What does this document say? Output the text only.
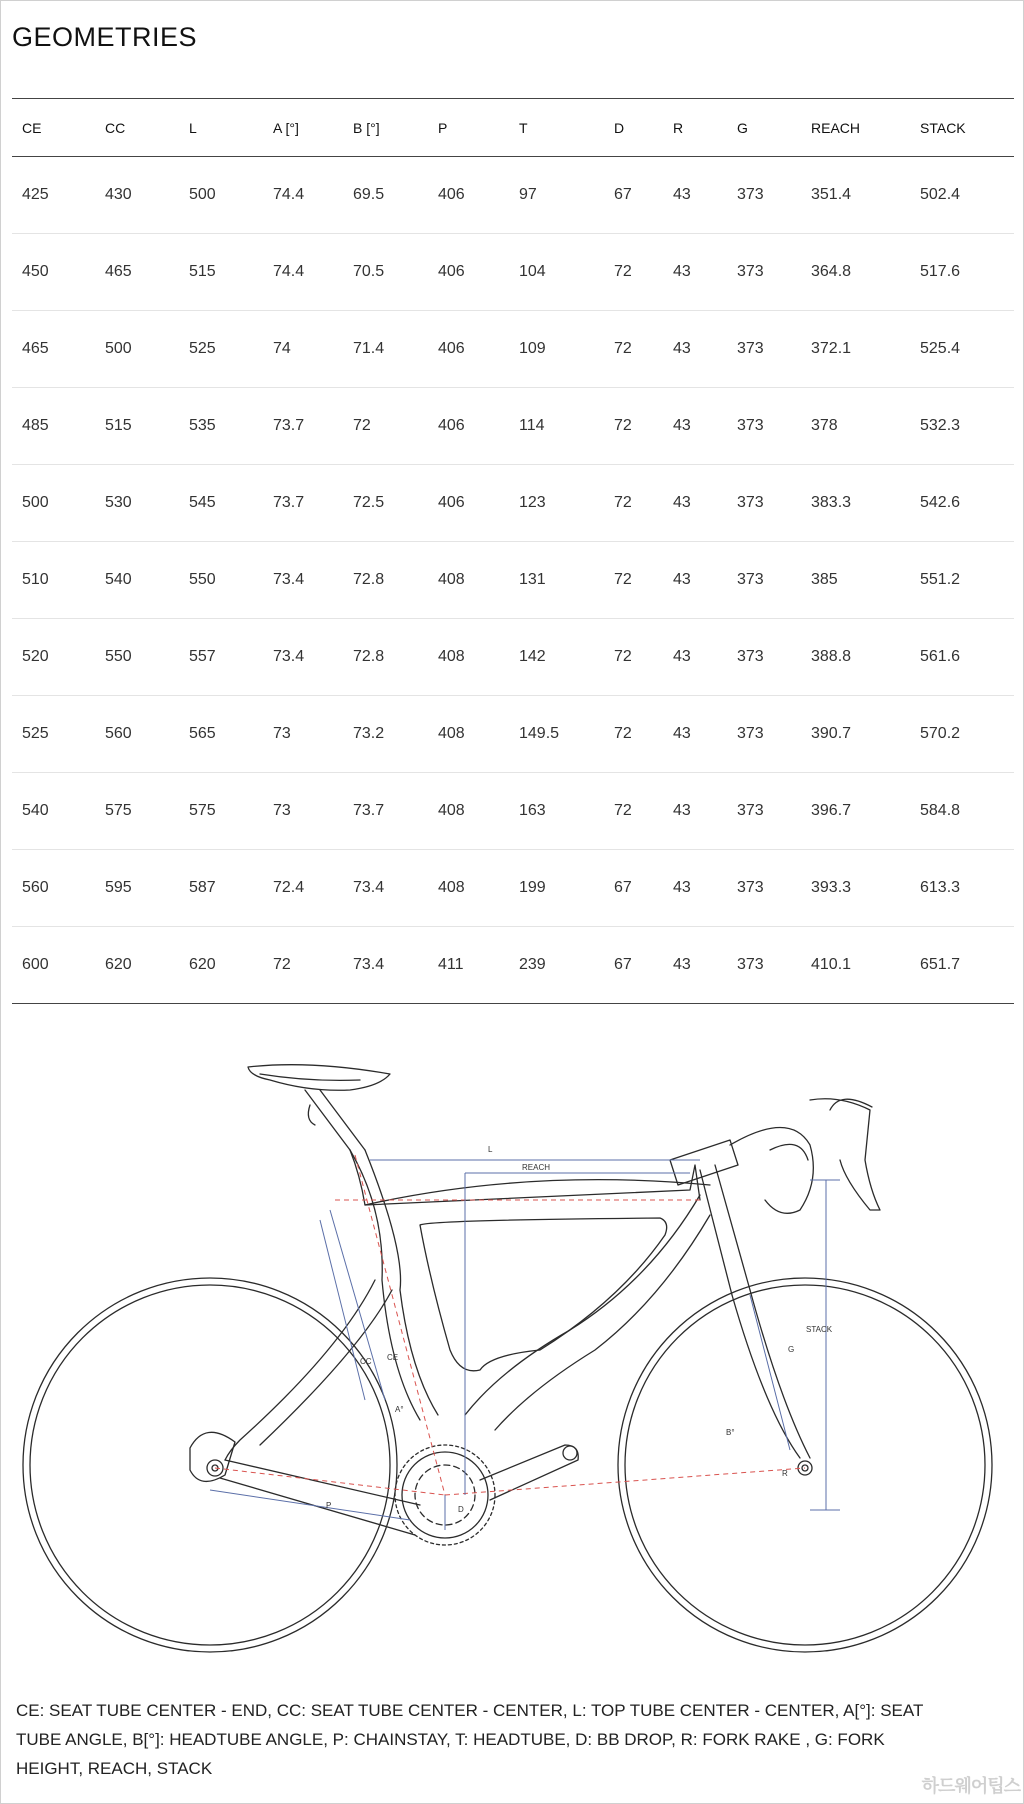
GEOMETRIES
CE	CC	L	A [°]	B [°]	P	T	D	R	G	REACH	STACK
425	430	500	74.4	69.5	406	97	67	43	373	351.4	502.4
450	465	515	74.4	70.5	406	104	72	43	373	364.8	517.6
465	500	525	74	71.4	406	109	72	43	373	372.1	525.4
485	515	535	73.7	72	406	114	72	43	373	378	532.3
500	530	545	73.7	72.5	406	123	72	43	373	383.3	542.6
510	540	550	73.4	72.8	408	131	72	43	373	385	551.2
520	550	557	73.4	72.8	408	142	72	43	373	388.8	561.6
525	560	565	73	73.2	408	149.5	72	43	373	390.7	570.2
540	575	575	73	73.7	408	163	72	43	373	396.7	584.8
560	595	587	72.4	73.4	408	199	67	43	373	393.3	613.3
600	620	620	72	73.4	411	239	67	43	373	410.1	651.7
L
REACH
STACK
CC CE
A°
B°
G
P	D
R

CE: SEAT TUBE CENTER - END, CC: SEAT TUBE CENTER - CENTER, L: TOP TUBE CENTER - CENTER, A[°]: SEAT TUBE ANGLE, B[°]: HEADTUBE ANGLE, P: CHAINSTAY, T: HEADTUBE, D: BB DROP, R: FORK RAKE , G: FORK HEIGHT, REACH, STACK

하드웨어팁스
